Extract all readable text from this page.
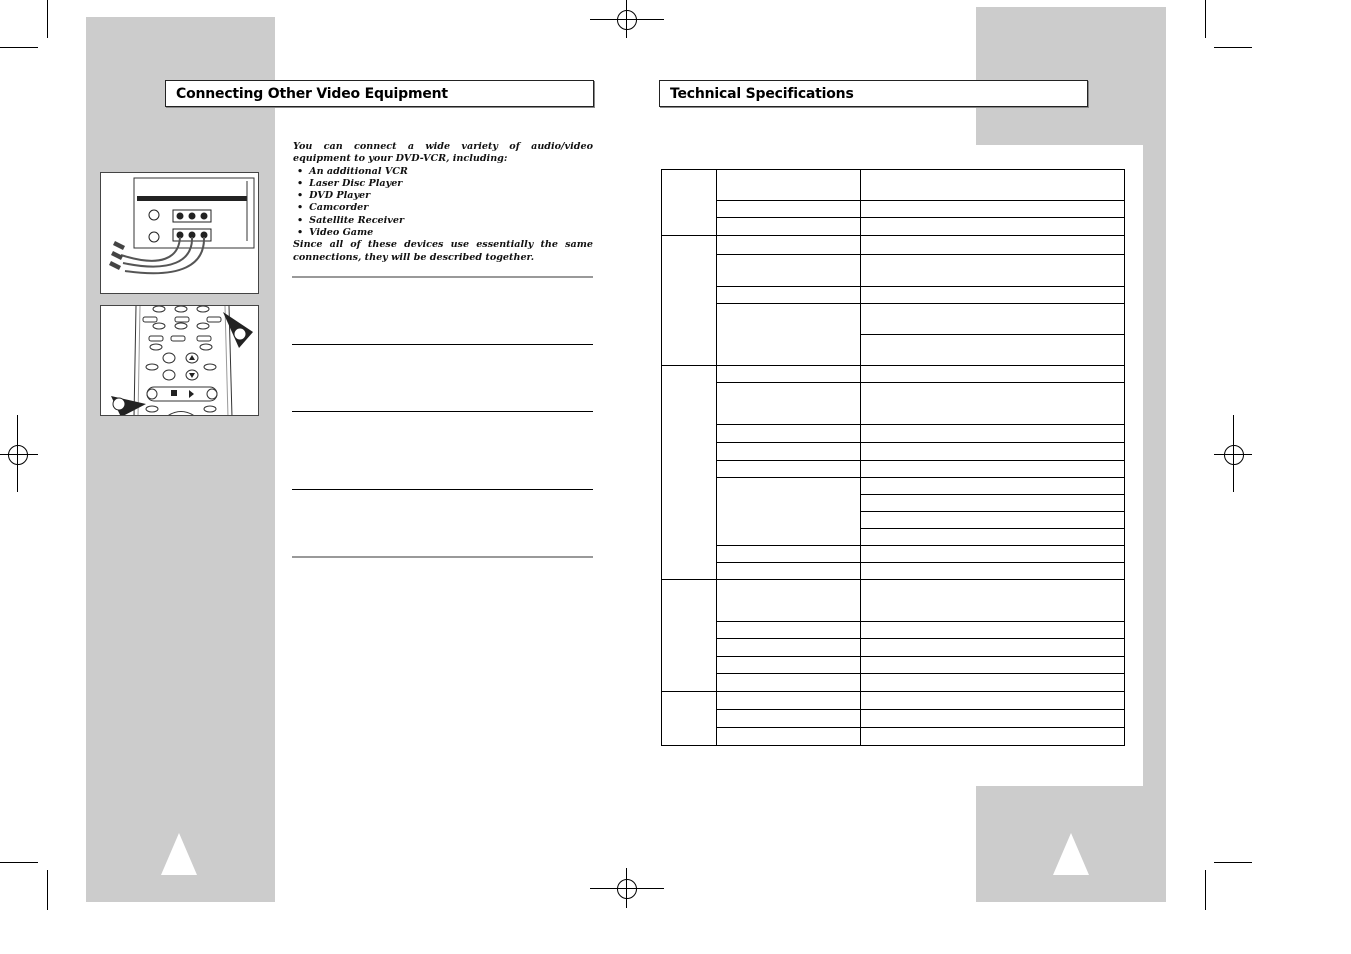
Connecting Other Video Equipment	Technical Specifications
You can connect a wide variety of audio/video equipment to your DVD-VCR, including:
• An additional VCR
• Laser Disc Player
• DVD Player
• Camcorder
• Satellite Receiver
• Video Game
Since all of these devices use essentially the same connections, they will be described together.
